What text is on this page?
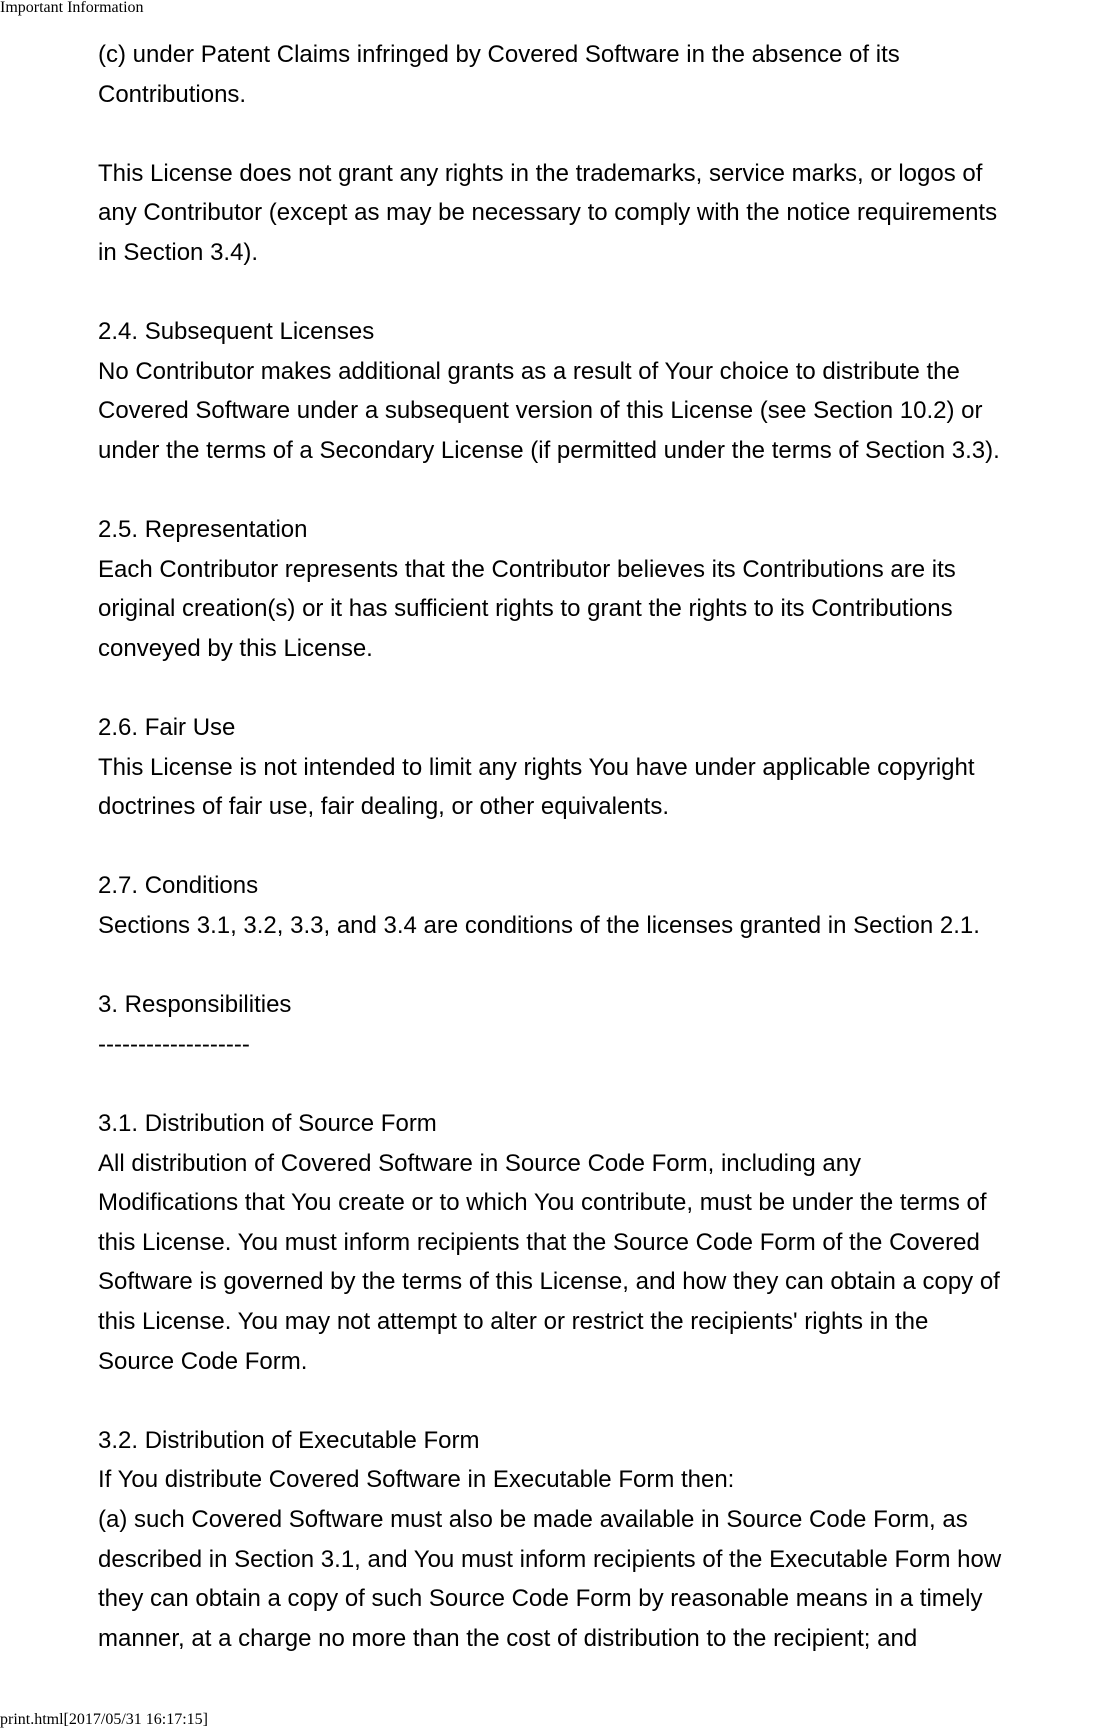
Important Information
(c) under Patent Claims infringed by Covered Software in the absence of its
Contributions.
This License does not grant any rights in the trademarks, service marks, or logos of
any Contributor (except as may be necessary to comply with the notice requirements
in Section 3.4).
2.4. Subsequent Licenses
No Contributor makes additional grants as a result of Your choice to distribute the
Covered Software under a subsequent version of this License (see Section 10.2) or
under the terms of a Secondary License (if permitted under the terms of Section 3.3).
2.5. Representation
Each Contributor represents that the Contributor believes its Contributions are its
original creation(s) or it has sufficient rights to grant the rights to its Contributions
conveyed by this License.
2.6. Fair Use
This License is not intended to limit any rights You have under applicable copyright
doctrines of fair use, fair dealing, or other equivalents.
2.7. Conditions
Sections 3.1, 3.2, 3.3, and 3.4 are conditions of the licenses granted in Section 2.1.
3. Responsibilities
-------------------
3.1. Distribution of Source Form
All distribution of Covered Software in Source Code Form, including any
Modifications that You create or to which You contribute, must be under the terms of
this License. You must inform recipients that the Source Code Form of the Covered
Software is governed by the terms of this License, and how they can obtain a copy of
this License. You may not attempt to alter or restrict the recipients' rights in the
Source Code Form.
3.2. Distribution of Executable Form
If You distribute Covered Software in Executable Form then:
(a) such Covered Software must also be made available in Source Code Form, as
described in Section 3.1, and You must inform recipients of the Executable Form how
they can obtain a copy of such Source Code Form by reasonable means in a timely
manner, at a charge no more than the cost of distribution to the recipient; and
print.html[2017/05/31 16:17:15]
